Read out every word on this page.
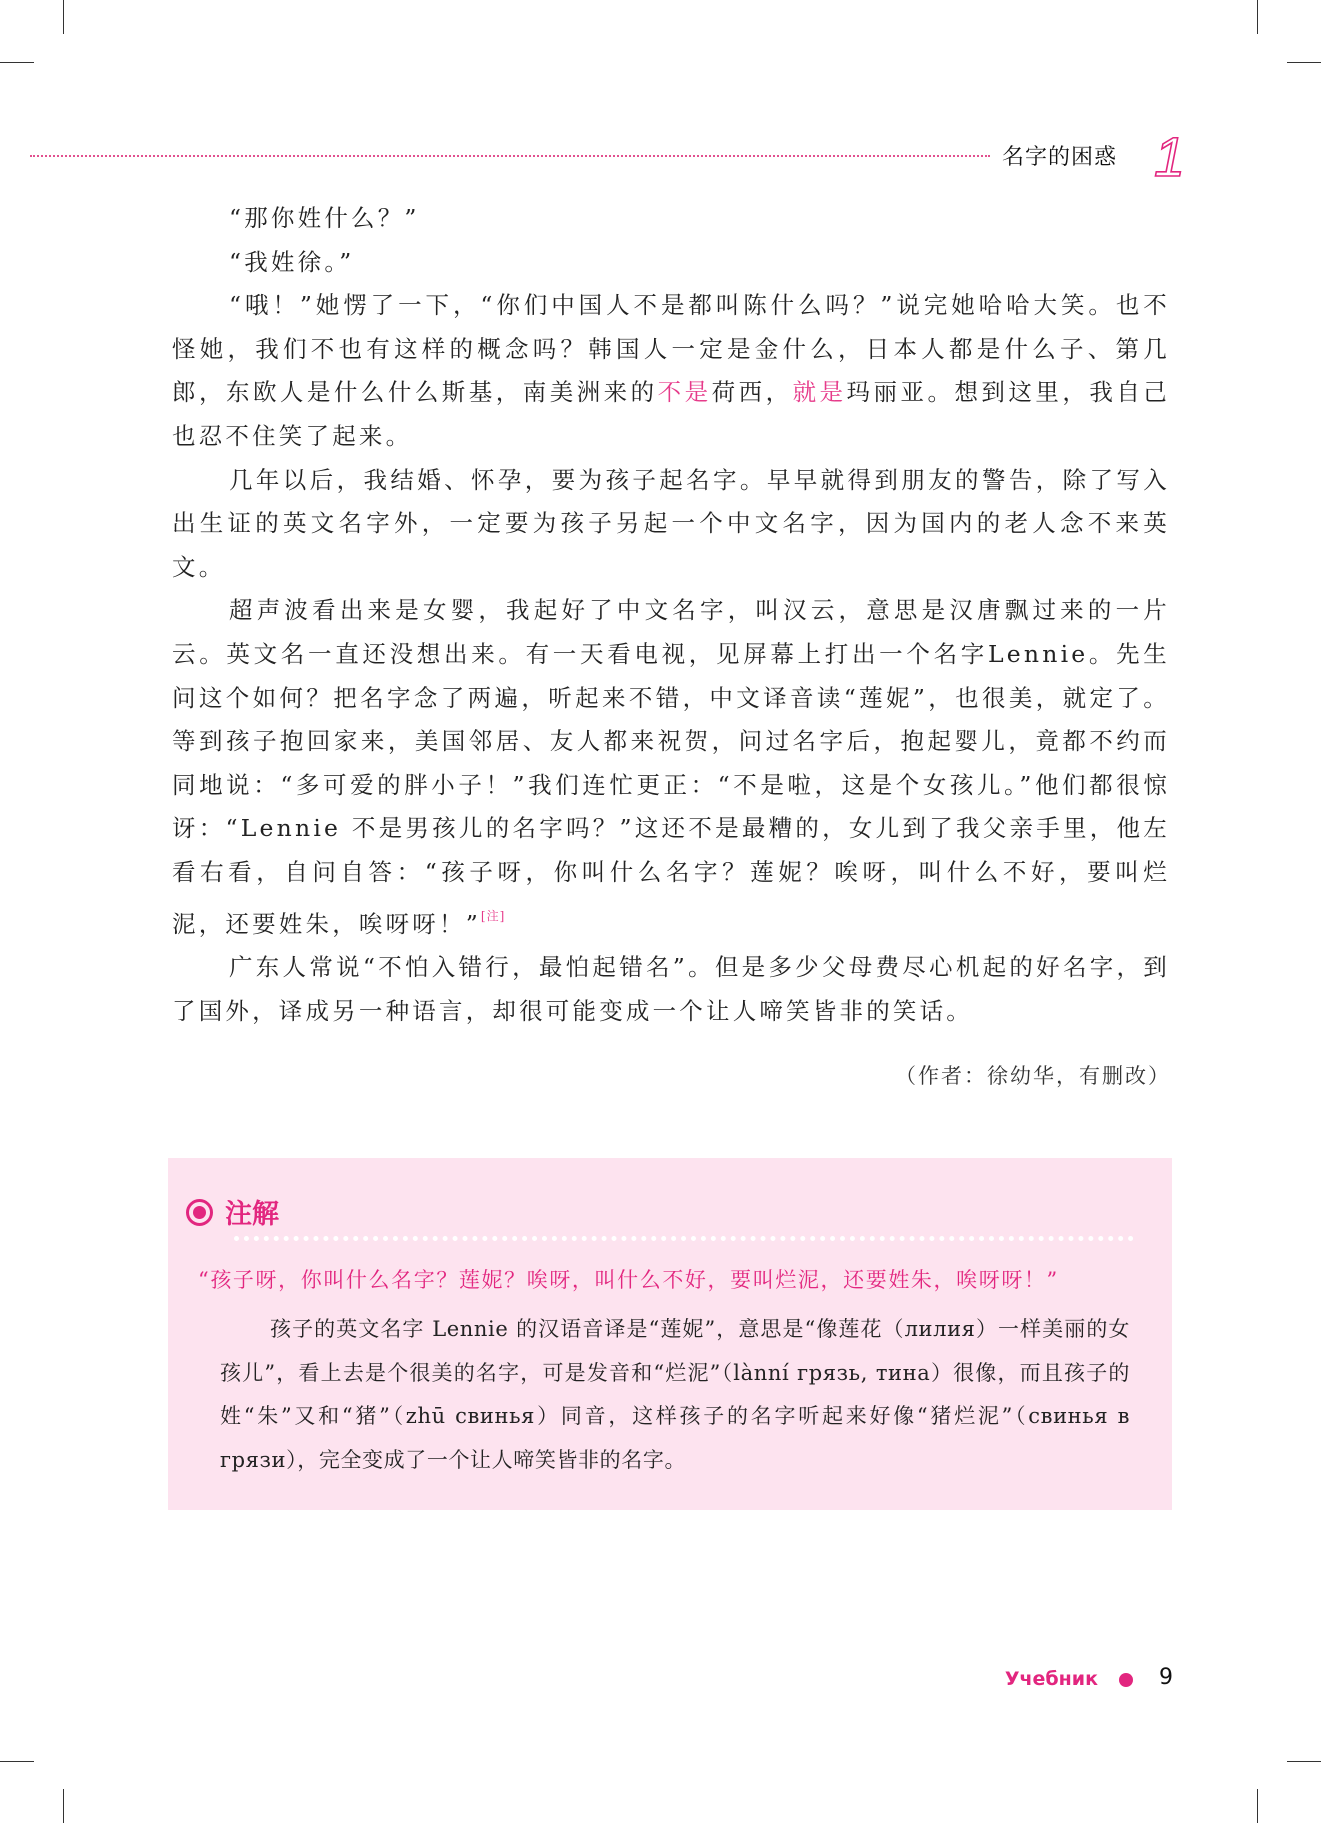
名字的困惑 1

“那你姓什么？”

“我姓徐。”

“哦！”她愣了一下，“你们中国人不是都叫陈什么吗？”说完她哈哈大笑。也不怪她，我们不也有这样的概念吗？韩国人一定是金什么，日本人都是什么子、第几郎，东欧人是什么什么斯基，南美洲来的不是荷西，就是玛丽亚。想到这里，我自己也忍不住笑了起来。

几年以后，我结婚、怀孕，要为孩子起名字。早早就得到朋友的警告，除了写入出生证的英文名字外，一定要为孩子另起一个中文名字，因为国内的老人念不来英文。

超声波看出来是女婴，我起好了中文名字，叫汉云，意思是汉唐飘过来的一片云。英文名一直还没想出来。有一天看电视，见屏幕上打出一个名字Lennie。先生问这个如何？把名字念了两遍，听起来不错，中文译音读“莲妮”，也很美，就定了。等到孩子抱回家来，美国邻居、友人都来祝贺，问过名字后，抱起婴儿，竟都不约而同地说：“多可爱的胖小子！”我们连忙更正：“不是啦，这是个女孩儿。”他们都很惊讶：“Lennie 不是男孩儿的名字吗？”这还不是最糟的，女儿到了我父亲手里，他左看右看，自问自答：“孩子呀，你叫什么名字？莲妮？唉呀，叫什么不好，要叫烂泥，还要姓朱，唉呀呀！”[注]

广东人常说“不怕入错行，最怕起错名”。但是多少父母费尽心机起的好名字，到了国外，译成另一种语言，却很可能变成一个让人啼笑皆非的笑话。

（作者：徐幼华，有删改）
注解
“孩子呀，你叫什么名字？莲妮？唉呀，叫什么不好，要叫烂泥，还要姓朱，唉呀呀！”

孩子的英文名字 Lennie 的汉语音译是“莲妮”，意思是“像莲花（лилия）一样美丽的女孩儿”，看上去是个很美的名字，可是发音和“烂泥”（lànní грязь, тина）很像，而且孩子的姓“朱”又和“猪”（zhū свинья）同音，这样孩子的名字听起来好像“猪烂泥”（свинья в грязи），完全变成了一个让人啼笑皆非的名字。

Учебник	9
